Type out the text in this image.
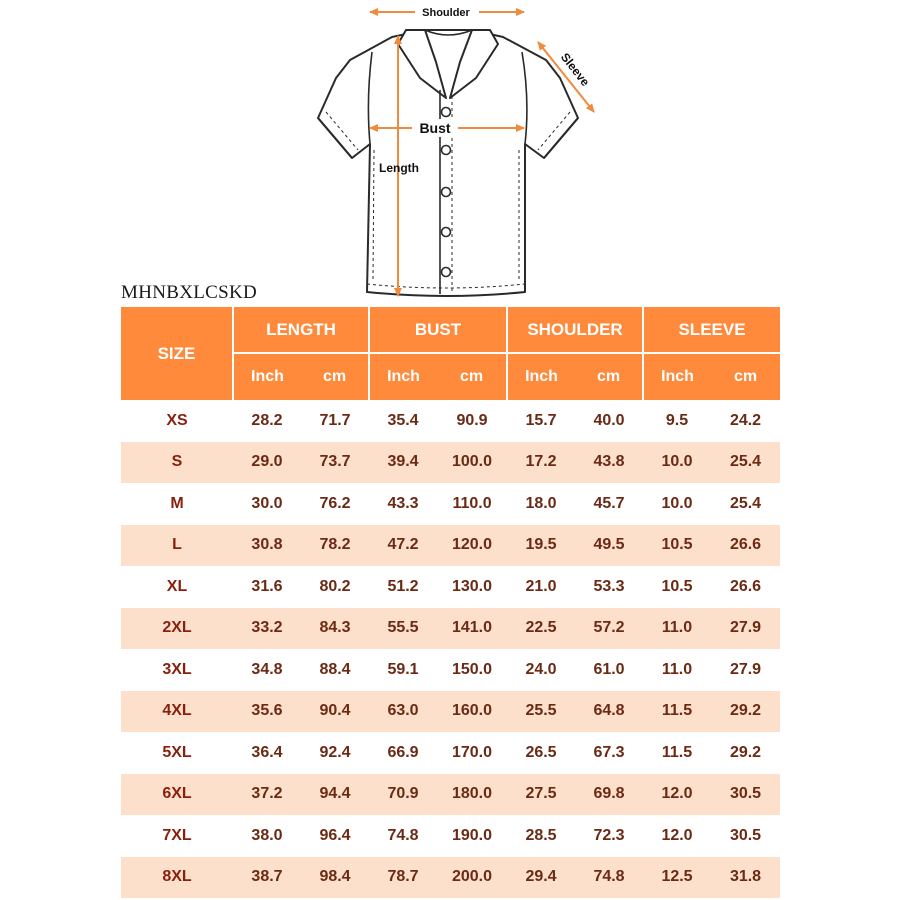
Shoulder
Sleeve
Bust
Length
MHNBXLCSKD
SIZE	LENGTH		BUST		SHOULDER		SLEEVE	
	Inch	cm	Inch	cm	Inch	cm	Inch	cm
XS	28.2	71.7	35.4	90.9	15.7	40.0	9.5	24.2
S	29.0	73.7	39.4	100.0	17.2	43.8	10.0	25.4
M	30.0	76.2	43.3	110.0	18.0	45.7	10.0	25.4
L	30.8	78.2	47.2	120.0	19.5	49.5	10.5	26.6
XL	31.6	80.2	51.2	130.0	21.0	53.3	10.5	26.6
2XL	33.2	84.3	55.5	141.0	22.5	57.2	11.0	27.9
3XL	34.8	88.4	59.1	150.0	24.0	61.0	11.0	27.9
4XL	35.6	90.4	63.0	160.0	25.5	64.8	11.5	29.2
5XL	36.4	92.4	66.9	170.0	26.5	67.3	11.5	29.2
6XL	37.2	94.4	70.9	180.0	27.5	69.8	12.0	30.5
7XL	38.0	96.4	74.8	190.0	28.5	72.3	12.0	30.5
8XL	38.7	98.4	78.7	200.0	29.4	74.8	12.5	31.8
